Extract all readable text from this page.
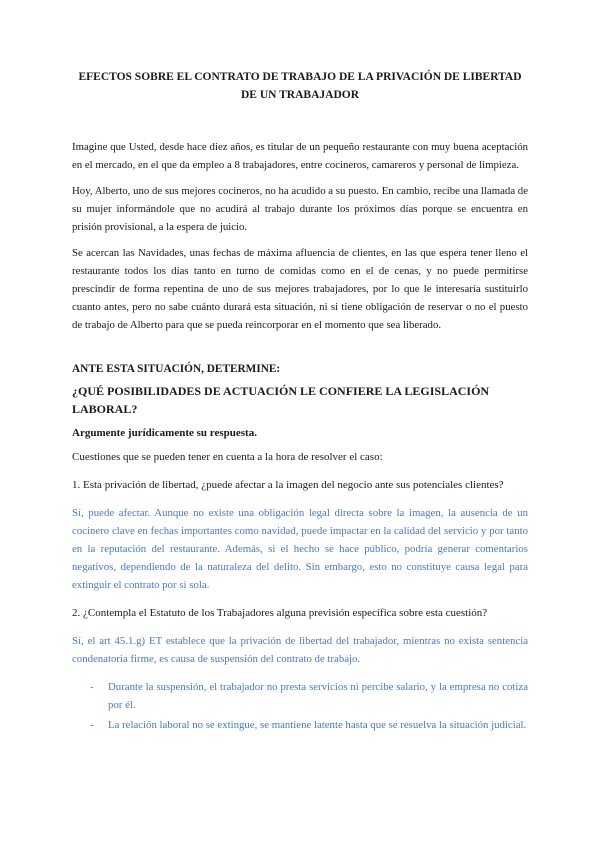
EFECTOS SOBRE EL CONTRATO DE TRABAJO DE LA PRIVACIÓN DE LIBERTAD DE UN TRABAJADOR

Imagine que Usted, desde hace diez años, es titular de un pequeño restaurante con muy buena aceptación en el mercado, en el que da empleo a 8 trabajadores, entre cocineros, camareros y personal de limpieza.

Hoy, Alberto, uno de sus mejores cocineros, no ha acudido a su puesto. En cambio, recibe una llamada de su mujer informándole que no acudirá al trabajo durante los próximos días porque se encuentra en prisión provisional, a la espera de juicio.

Se acercan las Navidades, unas fechas de máxima afluencia de clientes, en las que espera tener lleno el restaurante todos los días tanto en turno de comidas como en el de cenas, y no puede permitirse prescindir de forma repentina de uno de sus mejores trabajadores, por lo que le interesaría sustituirlo cuanto antes, pero no sabe cuánto durará esta situación, ni si tiene obligación de reservar o no el puesto de trabajo de Alberto para que se pueda reincorporar en el momento que sea liberado.

ANTE ESTA SITUACIÓN, DETERMINE:
¿QUÉ POSIBILIDADES DE ACTUACIÓN LE CONFIERE LA LEGISLACIÓN LABORAL?
Argumente jurídicamente su respuesta.

Cuestiones que se pueden tener en cuenta a la hora de resolver el caso:

1. Esta privación de libertad, ¿puede afectar a la imagen del negocio ante sus potenciales clientes?

Sí, puede afectar. Aunque no existe una obligación legal directa sobre la imagen, la ausencia de un cocinero clave en fechas importantes como navidad, puede impactar en la calidad del servicio y por tanto en la reputación del restaurante. Además, si el hecho se hace público, podría generar comentarios negativos, dependiendo de la naturaleza del delito. Sin embargo, esto no constituye causa legal para extinguir el contrato por sí sola.

2. ¿Contempla el Estatuto de los Trabajadores alguna previsión específica sobre esta cuestión?

Sí, el art 45.1.g) ET establece que la privación de libertad del trabajador, mientras no exista sentencia condenatoria firme, es causa de suspensión del contrato de trabajo.

- Durante la suspensión, el trabajador no presta servicios ni percibe salario, y la empresa no cotiza por él.
- La relación laboral no se extingue, se mantiene latente hasta que se resuelva la situación judicial.
